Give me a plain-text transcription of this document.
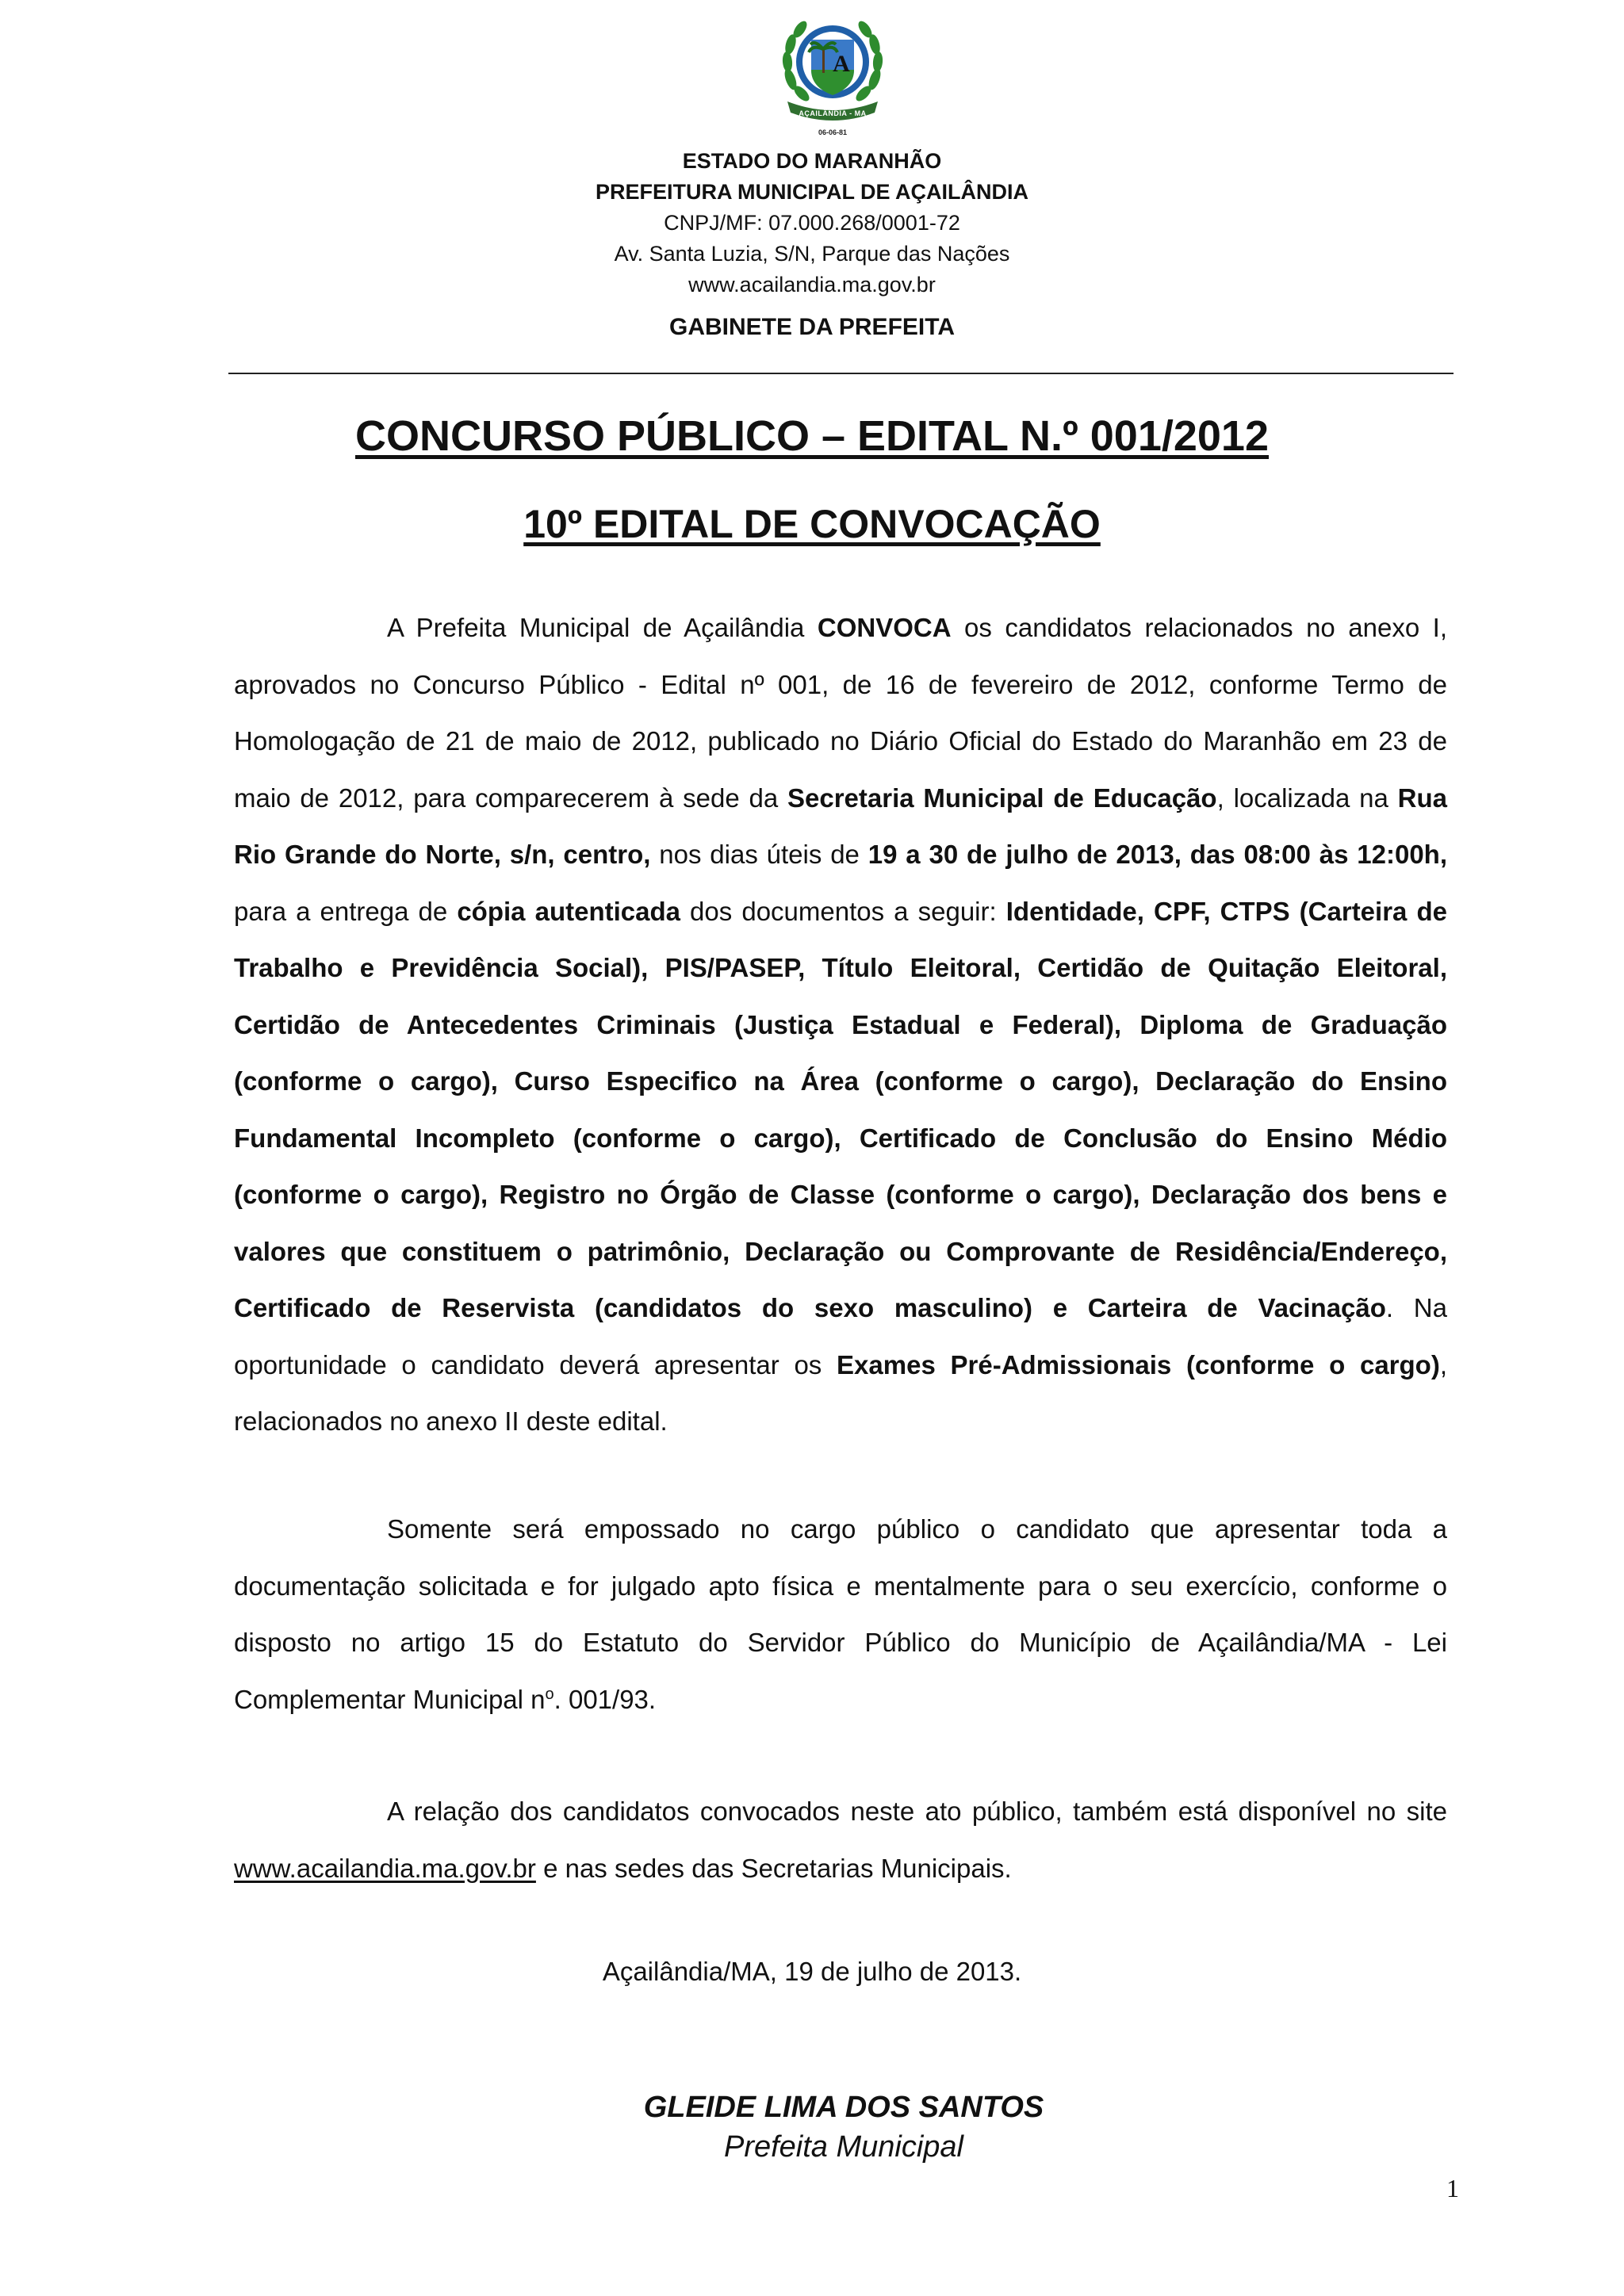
A
AÇAILÂNDIA - MA
06-06-81
ESTADO DO MARANHÃO
PREFEITURA MUNICIPAL DE AÇAILÂNDIA
CNPJ/MF: 07.000.268/0001-72
Av. Santa Luzia, S/N, Parque das Nações
www.acailandia.ma.gov.br
GABINETE DA PREFEITA
CONCURSO PÚBLICO – EDITAL N.º 001/2012
10º EDITAL DE CONVOCAÇÃO
A Prefeita Municipal de Açailândia CONVOCA os candidatos relacionados no anexo I, aprovados no Concurso Público - Edital nº 001, de 16 de fevereiro de 2012, conforme Termo de Homologação de 21 de maio de 2012, publicado no Diário Oficial do Estado do Maranhão em 23 de maio de 2012, para comparecerem à sede da Secretaria Municipal de Educação, localizada na Rua Rio Grande do Norte, s/n, centro, nos dias úteis de 19 a 30 de julho de 2013, das 08:00 às 12:00h, para a entrega de cópia autenticada dos documentos a seguir: Identidade, CPF, CTPS (Carteira de Trabalho e Previdência Social), PIS/PASEP, Título Eleitoral, Certidão de Quitação Eleitoral, Certidão de Antecedentes Criminais (Justiça Estadual e Federal), Diploma de Graduação (conforme o cargo), Curso Especifico na Área (conforme o cargo), Declaração do Ensino Fundamental Incompleto (conforme o cargo), Certificado de Conclusão do Ensino Médio (conforme o cargo), Registro no Órgão de Classe (conforme o cargo), Declaração dos bens e valores que constituem o patrimônio, Declaração ou Comprovante de Residência/Endereço, Certificado de Reservista (candidatos do sexo masculino) e Carteira de Vacinação. Na oportunidade o candidato deverá apresentar os Exames Pré-Admissionais (conforme o cargo), relacionados no anexo II deste edital.
Somente será empossado no cargo público o candidato que apresentar toda a documentação solicitada e for julgado apto física e mentalmente para o seu exercício, conforme o disposto no artigo 15 do Estatuto do Servidor Público do Município de Açailândia/MA - Lei Complementar Municipal $n^o$. 001/93.
A relação dos candidatos convocados neste ato público, também está disponível no site www.acailandia.ma.gov.br e nas sedes das Secretarias Municipais.
Açailândia/MA, 19 de julho de 2013.
GLEIDE LIMA DOS SANTOS
Prefeita Municipal
1
